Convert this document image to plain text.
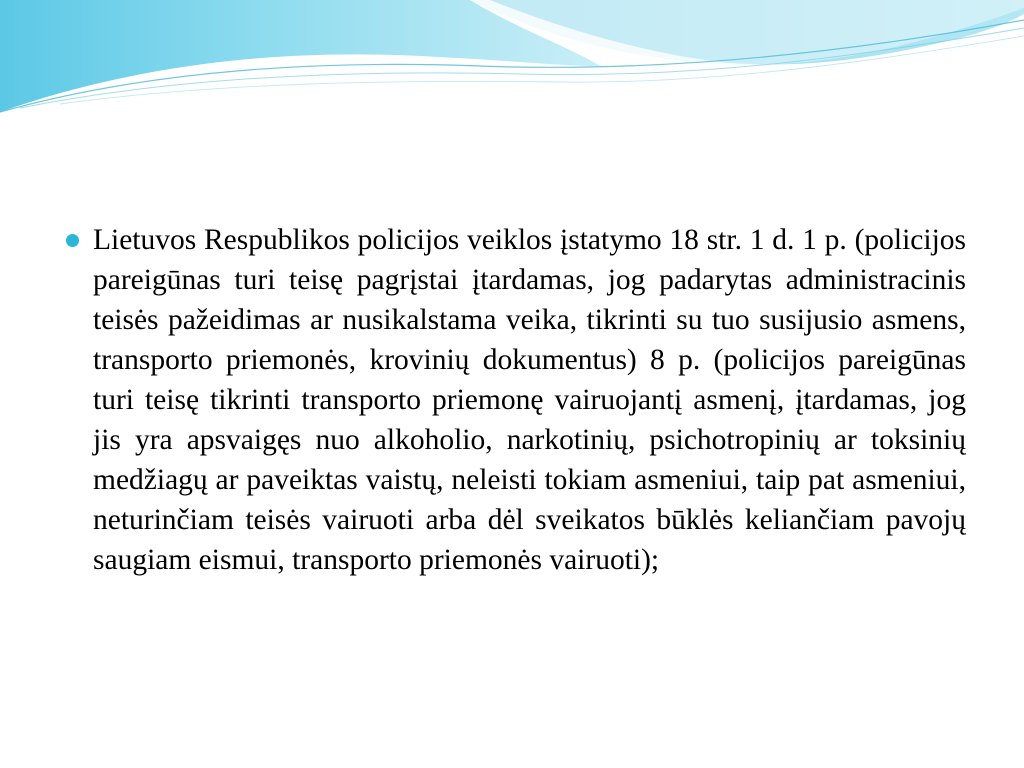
Lietuvos Respublikos policijos veiklos įstatymo 18 str. 1 d. 1 p. (policijos pareigūnas turi teisę pagrįstai įtardamas, jog padarytas administracinis teisės pažeidimas ar nusikalstama veika, tikrinti su tuo susijusio asmens, transporto priemonės, krovinių dokumentus) 8 p. (policijos pareigūnas turi teisę tikrinti transporto priemonę vairuojantį asmenį, įtardamas, jog jis yra apsvaigęs nuo alkoholio, narkotinių, psichotropinių ar toksinių medžiagų ar paveiktas vaistų, neleisti tokiam asmeniui, taip pat asmeniui, neturinčiam teisės vairuoti arba dėl sveikatos būklės keliančiam pavojų saugiam eismui, transporto priemonės vairuoti);
